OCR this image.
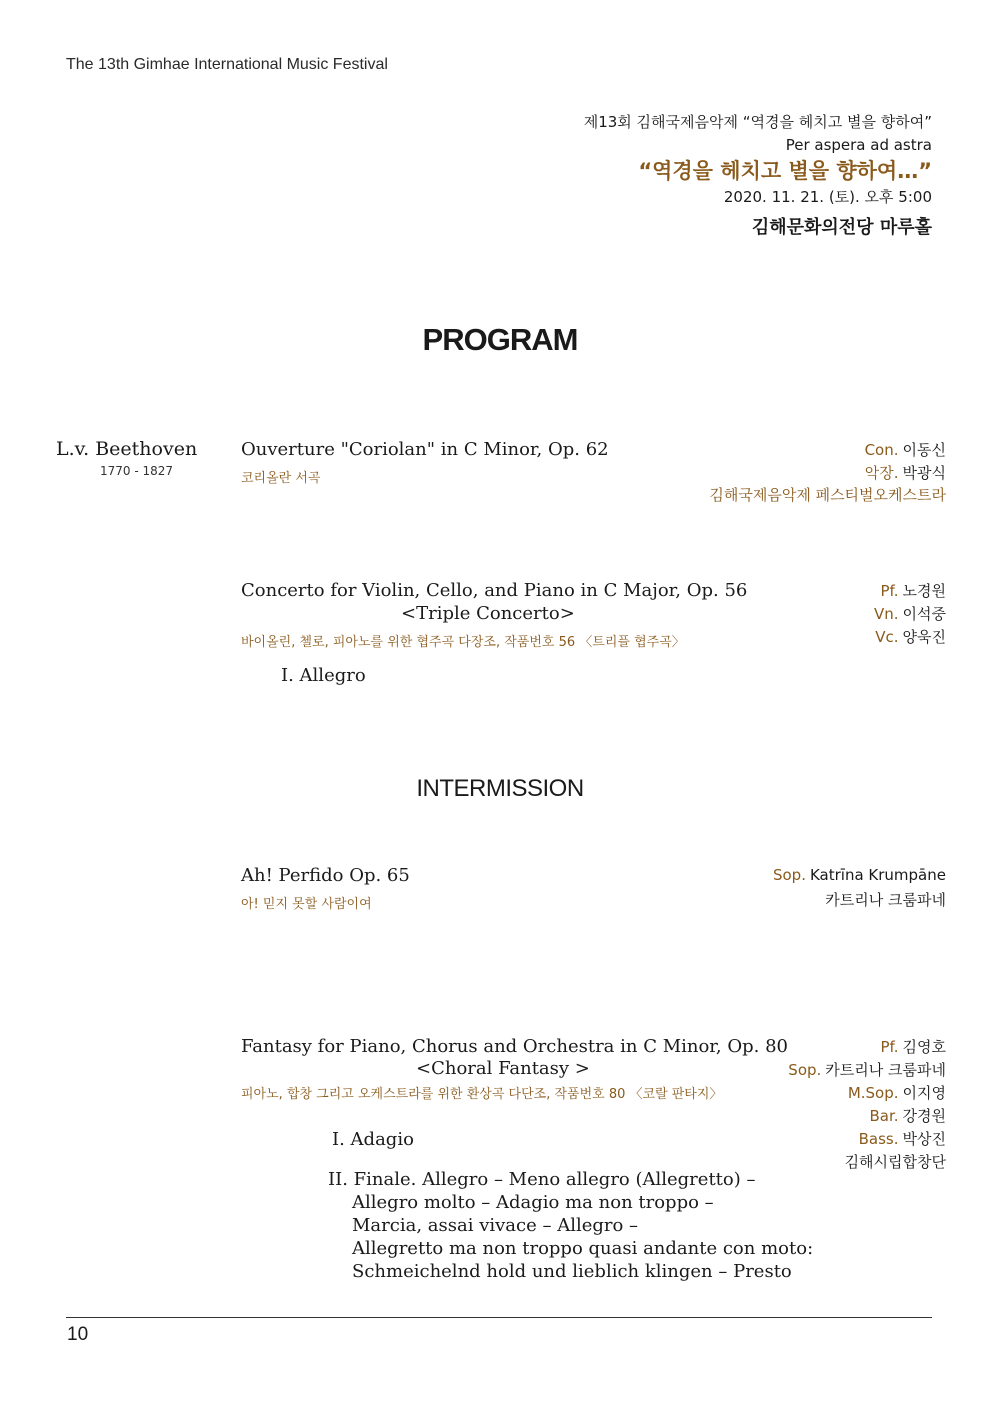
The 13th Gimhae International Music Festival
제13회 김해국제음악제 “역경을 헤치고 별을 향하여”
Per aspera ad astra
“역경을 헤치고 별을 향하여…”
2020. 11. 21. (토). 오후 5:00
김해문화의전당 마루홀
PROGRAM
L.v. Beethoven
1770 - 1827
Ouverture "Coriolan" in C Minor, Op. 62
코리올란 서곡
Con. 이동신
악장. 박광식
김해국제음악제 페스티벌오케스트라
Concerto for Violin, Cello, and Piano in C Major, Op. 56
<Triple Concerto>
바이올린, 첼로, 피아노를 위한 협주곡 다장조, 작품번호 56 〈트리플 협주곡〉
I. Allegro
Pf. 노경원
Vn. 이석중
Vc. 양욱진
INTERMISSION
Ah! Perfido Op. 65
아! 믿지 못할 사람이여
Sop. Katrīna Krumpāne
카트리나 크룸파네
Fantasy for Piano, Chorus and Orchestra in C Minor, Op. 80
<Choral Fantasy >
피아노, 합창 그리고 오케스트라를 위한 환상곡 다단조, 작품번호 80 〈코랄 판타지〉
I. Adagio
II. Finale. Allegro – Meno allegro (Allegretto) –
Allegro molto – Adagio ma non troppo –
Marcia, assai vivace – Allegro –
Allegretto ma non troppo quasi andante con moto:
Schmeichelnd hold und lieblich klingen – Presto
Pf. 김영호
Sop. 카트리나 크룸파네
M.Sop. 이지영
Bar. 강경원
Bass. 박상진
김해시립합창단
10
